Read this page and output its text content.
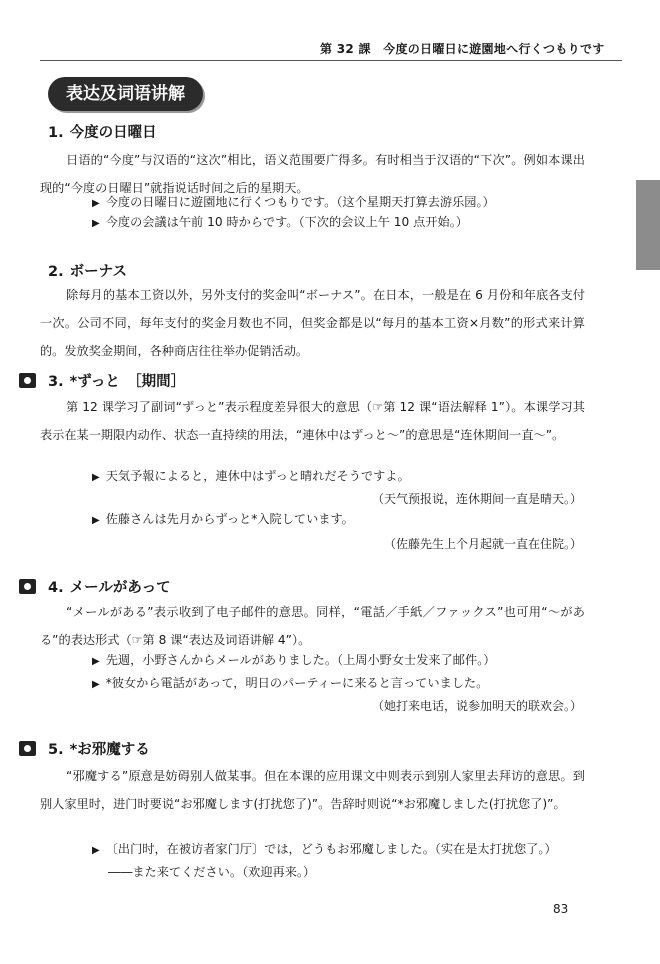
第 32 課　今度の日曜日に遊園地へ行くつもりです
表达及词语讲解
1. 今度の日曜日
日语的“今度”与汉语的“这次”相比，语义范围要广得多。有时相当于汉语的“下次”。例如本课出现的“今度の日曜日”就指说话时间之后的星期天。
▶ 今度の日曜日に遊園地に行くつもりです。（这个星期天打算去游乐园。）
▶ 今度の会議は午前 10 時からです。（下次的会议上午 10 点开始。）
2. ボーナス
除每月的基本工资以外，另外支付的奖金叫“ボーナス”。在日本，一般是在 6 月份和年底各支付一次。公司不同，每年支付的奖金月数也不同，但奖金都是以“每月的基本工资×月数”的形式来计算的。发放奖金期间，各种商店往往举办促销活动。
3. *ずっと　［期間］
第 12 课学习了副词“ずっと”表示程度差异很大的意思（☞第 12 课“语法解释 1”）。本课学习其表示在某一期限内动作、状态一直持续的用法，“連休中はずっと～”的意思是“连休期间一直～”。
▶ 天気予報によると，連休中はずっと晴れだそうですよ。
（天气预报说，连休期间一直是晴天。）
▶ 佐藤さんは先月からずっと*入院しています。
（佐藤先生上个月起就一直在住院。）
4. メールがあって
“メールがある”表示收到了电子邮件的意思。同样，“電話／手紙／ファックス”也可用“～がある”的表达形式（☞第 8 课“表达及词语讲解 4”）。
▶ 先週，小野さんからメールがありました。（上周小野女士发来了邮件。）
▶ *彼女から電話があって，明日のパーティーに来ると言っていました。
（她打来电话，说参加明天的联欢会。）
5. *お邪魔する
“邪魔する”原意是妨碍别人做某事。但在本课的应用课文中则表示到别人家里去拜访的意思。到别人家里时，进门时要说“お邪魔します(打扰您了)”。告辞时则说“*お邪魔しました(打扰您了)”。
▶ 〔出门时，在被访者家门厅〕では，どうもお邪魔しました。（实在是太打扰您了。）
――また来てください。（欢迎再来。）
83
